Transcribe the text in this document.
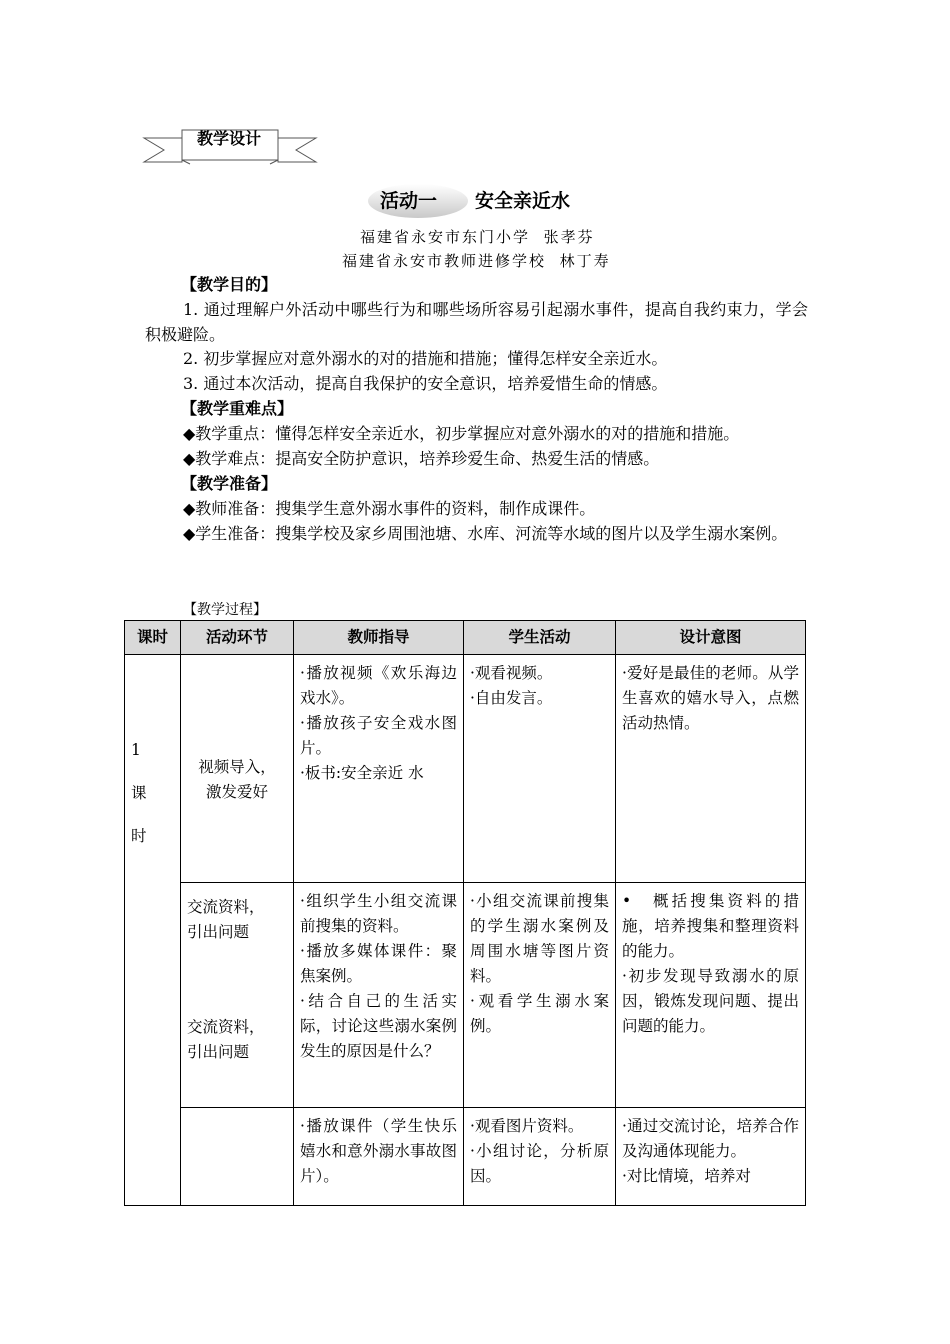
教学设计
活动一　　 安全亲近水
福建省永安市东门小学 张孝芬
福建省永安市教师进修学校 林丁寿
【教学目的】

1. 通过理解户外活动中哪些行为和哪些场所容易引起溺水事件，提高自我约束力，学会积极避险。

2. 初步掌握应对意外溺水的对的措施和措施；懂得怎样安全亲近水。

3. 通过本次活动，提高自我保护的安全意识，培养爱惜生命的情感。

【教学重难点】

◆教学重点：懂得怎样安全亲近水，初步掌握应对意外溺水的对的措施和措施。

◆教学难点：提高安全防护意识，培养珍爱生命、热爱生活的情感。

【教学准备】

◆教师准备：搜集学生意外溺水事件的资料，制作成课件。

◆学生准备：搜集学校及家乡周围池塘、水库、河流等水域的图片以及学生溺水案例。

【教学过程】
课时	活动环节	教师指导	学生活动	设计意图

1
课
时	视频导入，
激发爱好	·播放视频《欢乐海边戏水》。
·播放孩子安全戏水图片。
·板书:安全亲近 水	·观看视频。
·自由发言。	·爱好是最佳的老师。从学生喜欢的嬉水导入，点燃活动热情。

	交流资料，
引出问题
交流资料，
引出问题	·组织学生小组交流课前搜集的资料。
·播放多媒体课件：聚焦案例。
·结合自己的生活实际，讨论这些溺水案例发生的原因是什么？	·小组交流课前搜集的学生溺水案例及周围水塘等图片资料。
·观看学生溺水案例。	•　概括搜集资料的措施，培养搜集和整理资料的能力。
·初步发现导致溺水的原因，锻炼发现问题、提出问题的能力。

		·播放课件（学生快乐嬉水和意外溺水事故图片）。	·观看图片资料。
·小组讨论，分析原因。	·通过交流讨论，培养合作及沟通体现能力。
·对比情境，培养对
